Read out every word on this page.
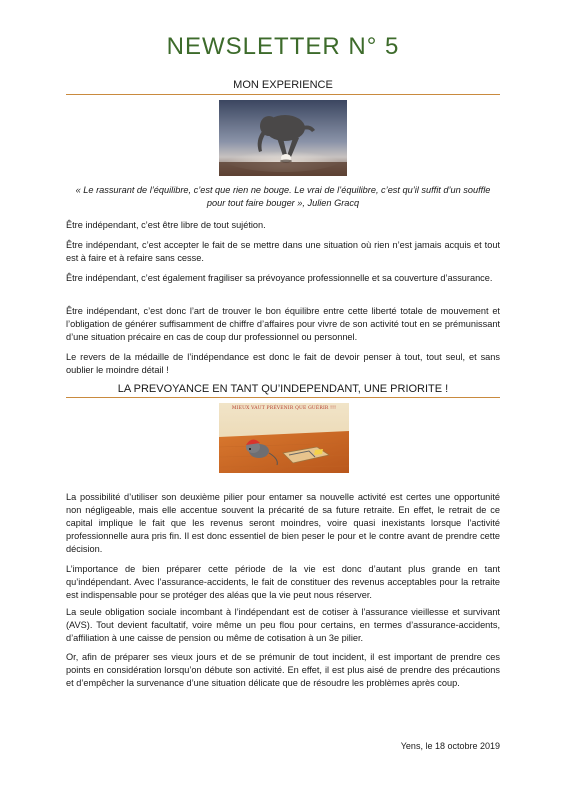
NEWSLETTER N° 5
MON EXPERIENCE
« Le rassurant de l’équilibre, c’est que rien ne bouge. Le vrai de l’équilibre, c’est qu’il suffit d’un souffle pour tout faire bouger », Julien Gracq
Être indépendant, c’est être libre de tout sujétion.
Être indépendant, c’est accepter le fait de se mettre dans une situation où rien n’est jamais acquis et tout est à faire et à refaire sans cesse.
Être indépendant, c’est également fragiliser sa prévoyance professionnelle et sa couverture d’assurance.
Être indépendant, c’est donc l’art de trouver le bon équilibre entre cette liberté totale de mouvement et l’obligation de générer suffisamment de chiffre d’affaires pour vivre de son activité tout en se prémunissant d’une situation précaire en cas de coup dur professionnel ou personnel.
Le revers de la médaille de l’indépendance est donc le fait de devoir penser à tout, tout seul, et sans oublier le moindre détail !
LA PREVOYANCE EN TANT QU’INDEPENDANT, UNE PRIORITE !
MIEUX VAUT PRÉVENIR QUE GUÉRIR !!!
La possibilité d’utiliser son deuxième pilier pour entamer sa nouvelle activité est certes une opportunité non négligeable, mais elle accentue souvent la précarité de sa future retraite. En effet, le retrait de ce capital implique le fait que les revenus seront moindres, voire quasi inexistants lorsque l’activité professionnelle aura pris fin. Il est donc essentiel de bien peser le pour et le contre avant de prendre cette décision.
L’importance de bien préparer cette période de la vie est donc d’autant plus grande en tant qu’indépendant. Avec l’assurance-accidents, le fait de constituer des revenus acceptables pour la retraite est indispensable pour se protéger des aléas que la vie peut nous réserver.
La seule obligation sociale incombant à l’indépendant est de cotiser à l’assurance vieillesse et survivant (AVS). Tout devient facultatif, voire même un peu flou pour certains, en termes d’assurance-accidents, d’affiliation à une caisse de pension ou même de cotisation à un 3e pilier.
Or, afin de préparer ses vieux jours et de se prémunir de tout incident, il est important de prendre ces points en considération lorsqu’on débute son activité. En effet, il est plus aisé de prendre des précautions et d’empêcher la survenance d’une situation délicate que de résoudre les problèmes après coup.
Yens, le 18 octobre 2019
